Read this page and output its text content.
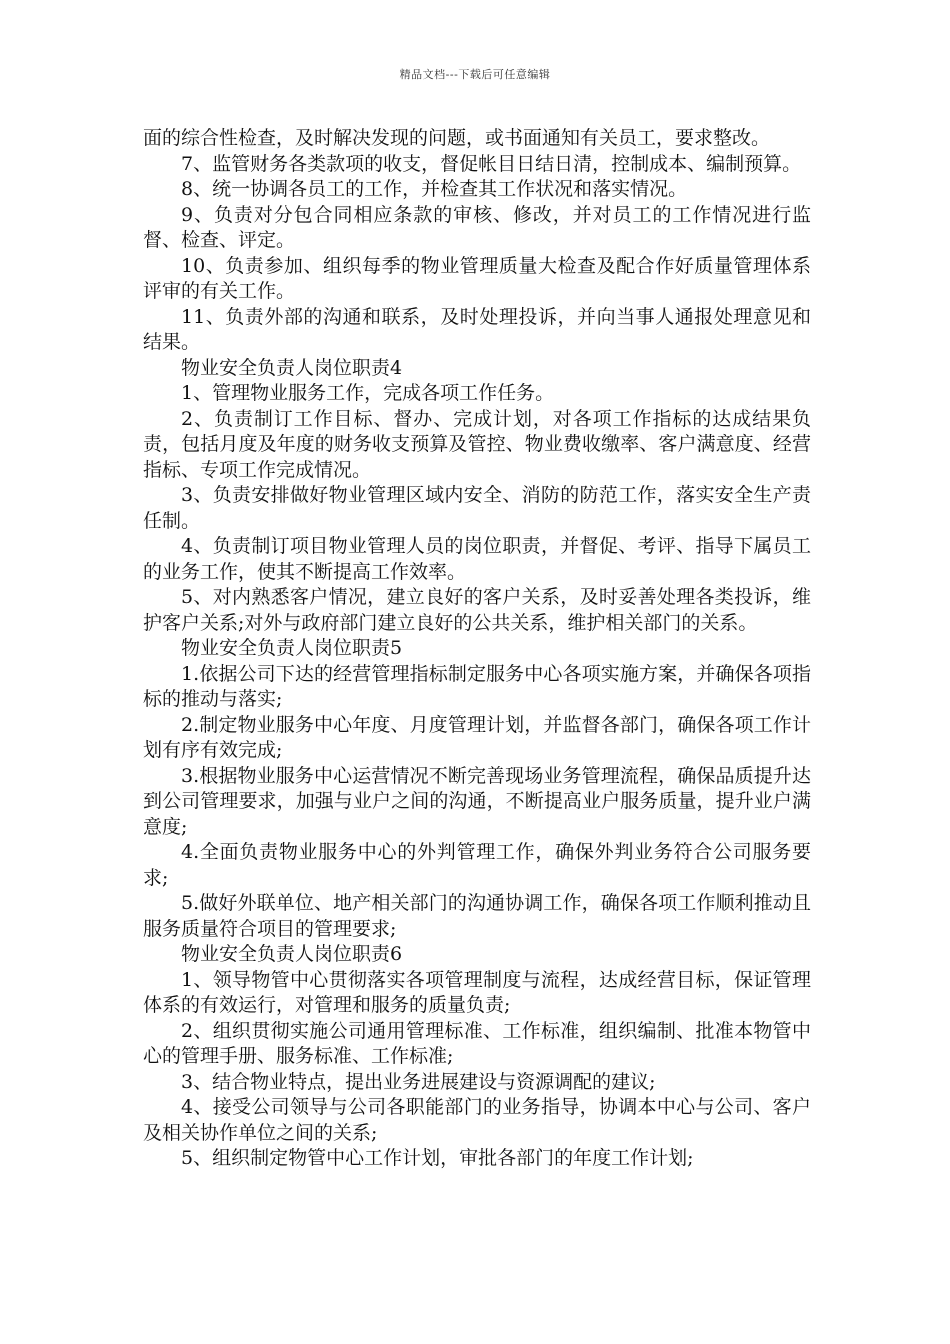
精品文档---下载后可任意编辑

面的综合性检查，及时解决发现的问题，或书面通知有关员工，要求整改。

7、监管财务各类款项的收支，督促帐目日结日清，控制成本、编制预算。

8、统一协调各员工的工作，并检查其工作状况和落实情况。

9、负责对分包合同相应条款的审核、修改，并对员工的工作情况进行监督、检查、评定。

10、负责参加、组织每季的物业管理质量大检查及配合作好质量管理体系评审的有关工作。

11、负责外部的沟通和联系，及时处理投诉，并向当事人通报处理意见和结果。

物业安全负责人岗位职责4

1、管理物业服务工作，完成各项工作任务。

2、负责制订工作目标、督办、完成计划，对各项工作指标的达成结果负责，包括月度及年度的财务收支预算及管控、物业费收缴率、客户满意度、经营指标、专项工作完成情况。

3、负责安排做好物业管理区域内安全、消防的防范工作，落实安全生产责任制。

4、负责制订项目物业管理人员的岗位职责，并督促、考评、指导下属员工的业务工作，使其不断提高工作效率。

5、对内熟悉客户情况，建立良好的客户关系，及时妥善处理各类投诉，维护客户关系;对外与政府部门建立良好的公共关系，维护相关部门的关系。

物业安全负责人岗位职责5

1.依据公司下达的经营管理指标制定服务中心各项实施方案，并确保各项指标的推动与落实;

2.制定物业服务中心年度、月度管理计划，并监督各部门，确保各项工作计划有序有效完成;

3.根据物业服务中心运营情况不断完善现场业务管理流程，确保品质提升达到公司管理要求，加强与业户之间的沟通，不断提高业户服务质量，提升业户满意度;

4.全面负责物业服务中心的外判管理工作，确保外判业务符合公司服务要求;

5.做好外联单位、地产相关部门的沟通协调工作，确保各项工作顺利推动且服务质量符合项目的管理要求;

物业安全负责人岗位职责6

1、领导物管中心贯彻落实各项管理制度与流程，达成经营目标，保证管理体系的有效运行，对管理和服务的质量负责;

2、组织贯彻实施公司通用管理标准、工作标准，组织编制、批准本物管中心的管理手册、服务标准、工作标准;

3、结合物业特点，提出业务进展建设与资源调配的建议;

4、接受公司领导与公司各职能部门的业务指导，协调本中心与公司、客户及相关协作单位之间的关系;

5、组织制定物管中心工作计划，审批各部门的年度工作计划;
